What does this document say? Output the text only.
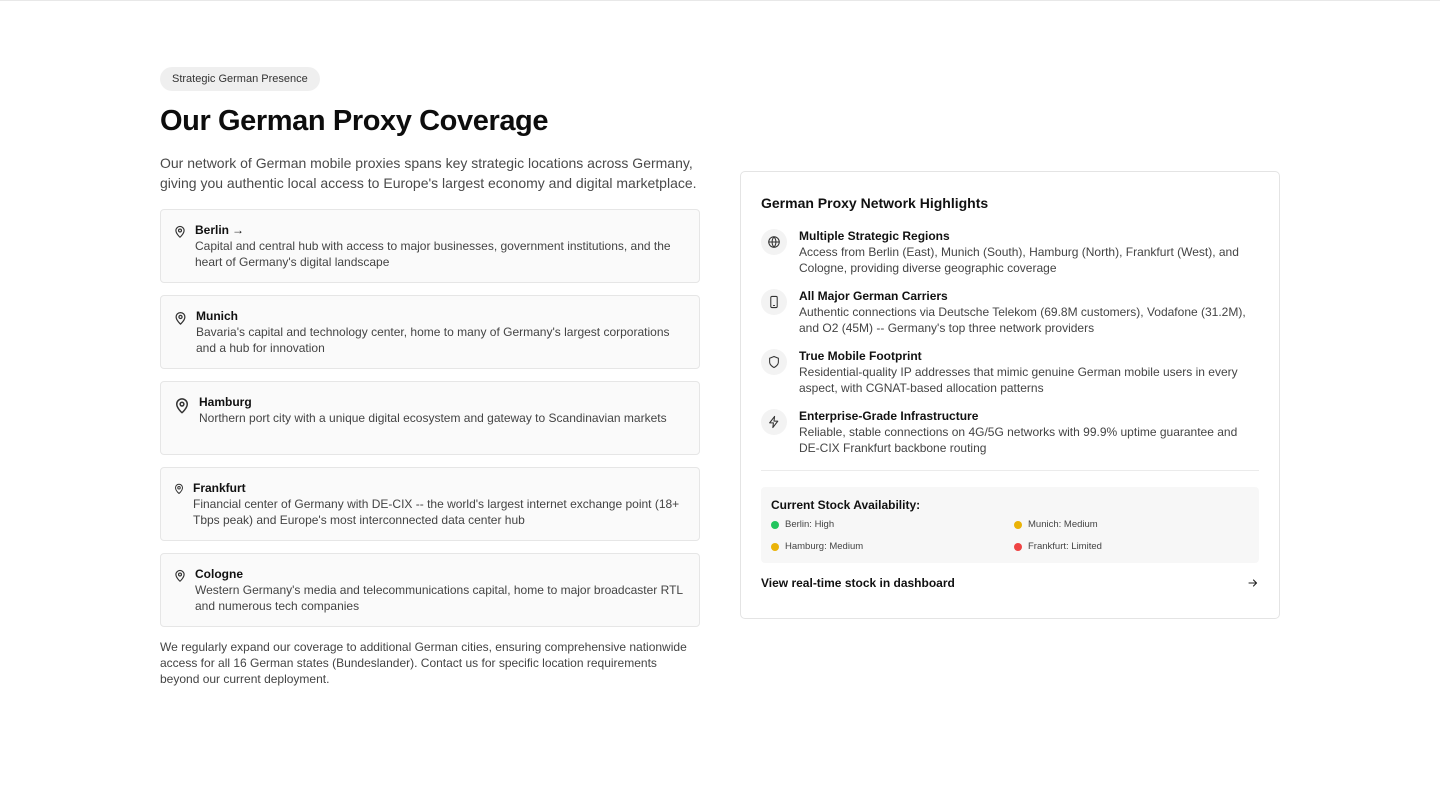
Strategic German Presence
Our German Proxy Coverage
Our network of German mobile proxies spans key strategic locations across Germany, giving you authentic local access to Europe's largest economy and digital marketplace.
Berlin →
Capital and central hub with access to major businesses, government institutions, and the heart of Germany's digital landscape
Munich
Bavaria's capital and technology center, home to many of Germany's largest corporations and a hub for innovation
Hamburg
Northern port city with a unique digital ecosystem and gateway to Scandinavian markets
Frankfurt
Financial center of Germany with DE-CIX -- the world's largest internet exchange point (18+ Tbps peak) and Europe's most interconnected data center hub
Cologne
Western Germany's media and telecommunications capital, home to major broadcaster RTL and numerous tech companies
We regularly expand our coverage to additional German cities, ensuring comprehensive nationwide access for all 16 German states (Bundeslander). Contact us for specific location requirements beyond our current deployment.
German Proxy Network Highlights
Multiple Strategic Regions
Access from Berlin (East), Munich (South), Hamburg (North), Frankfurt (West), and Cologne, providing diverse geographic coverage
All Major German Carriers
Authentic connections via Deutsche Telekom (69.8M customers), Vodafone (31.2M), and O2 (45M) -- Germany's top three network providers
True Mobile Footprint
Residential-quality IP addresses that mimic genuine German mobile users in every aspect, with CGNAT-based allocation patterns
Enterprise-Grade Infrastructure
Reliable, stable connections on 4G/5G networks with 99.9% uptime guarantee and DE-CIX Frankfurt backbone routing
Current Stock Availability:
Berlin: High	Munich: Medium
Hamburg: Medium	Frankfurt: Limited
View real-time stock in dashboard
